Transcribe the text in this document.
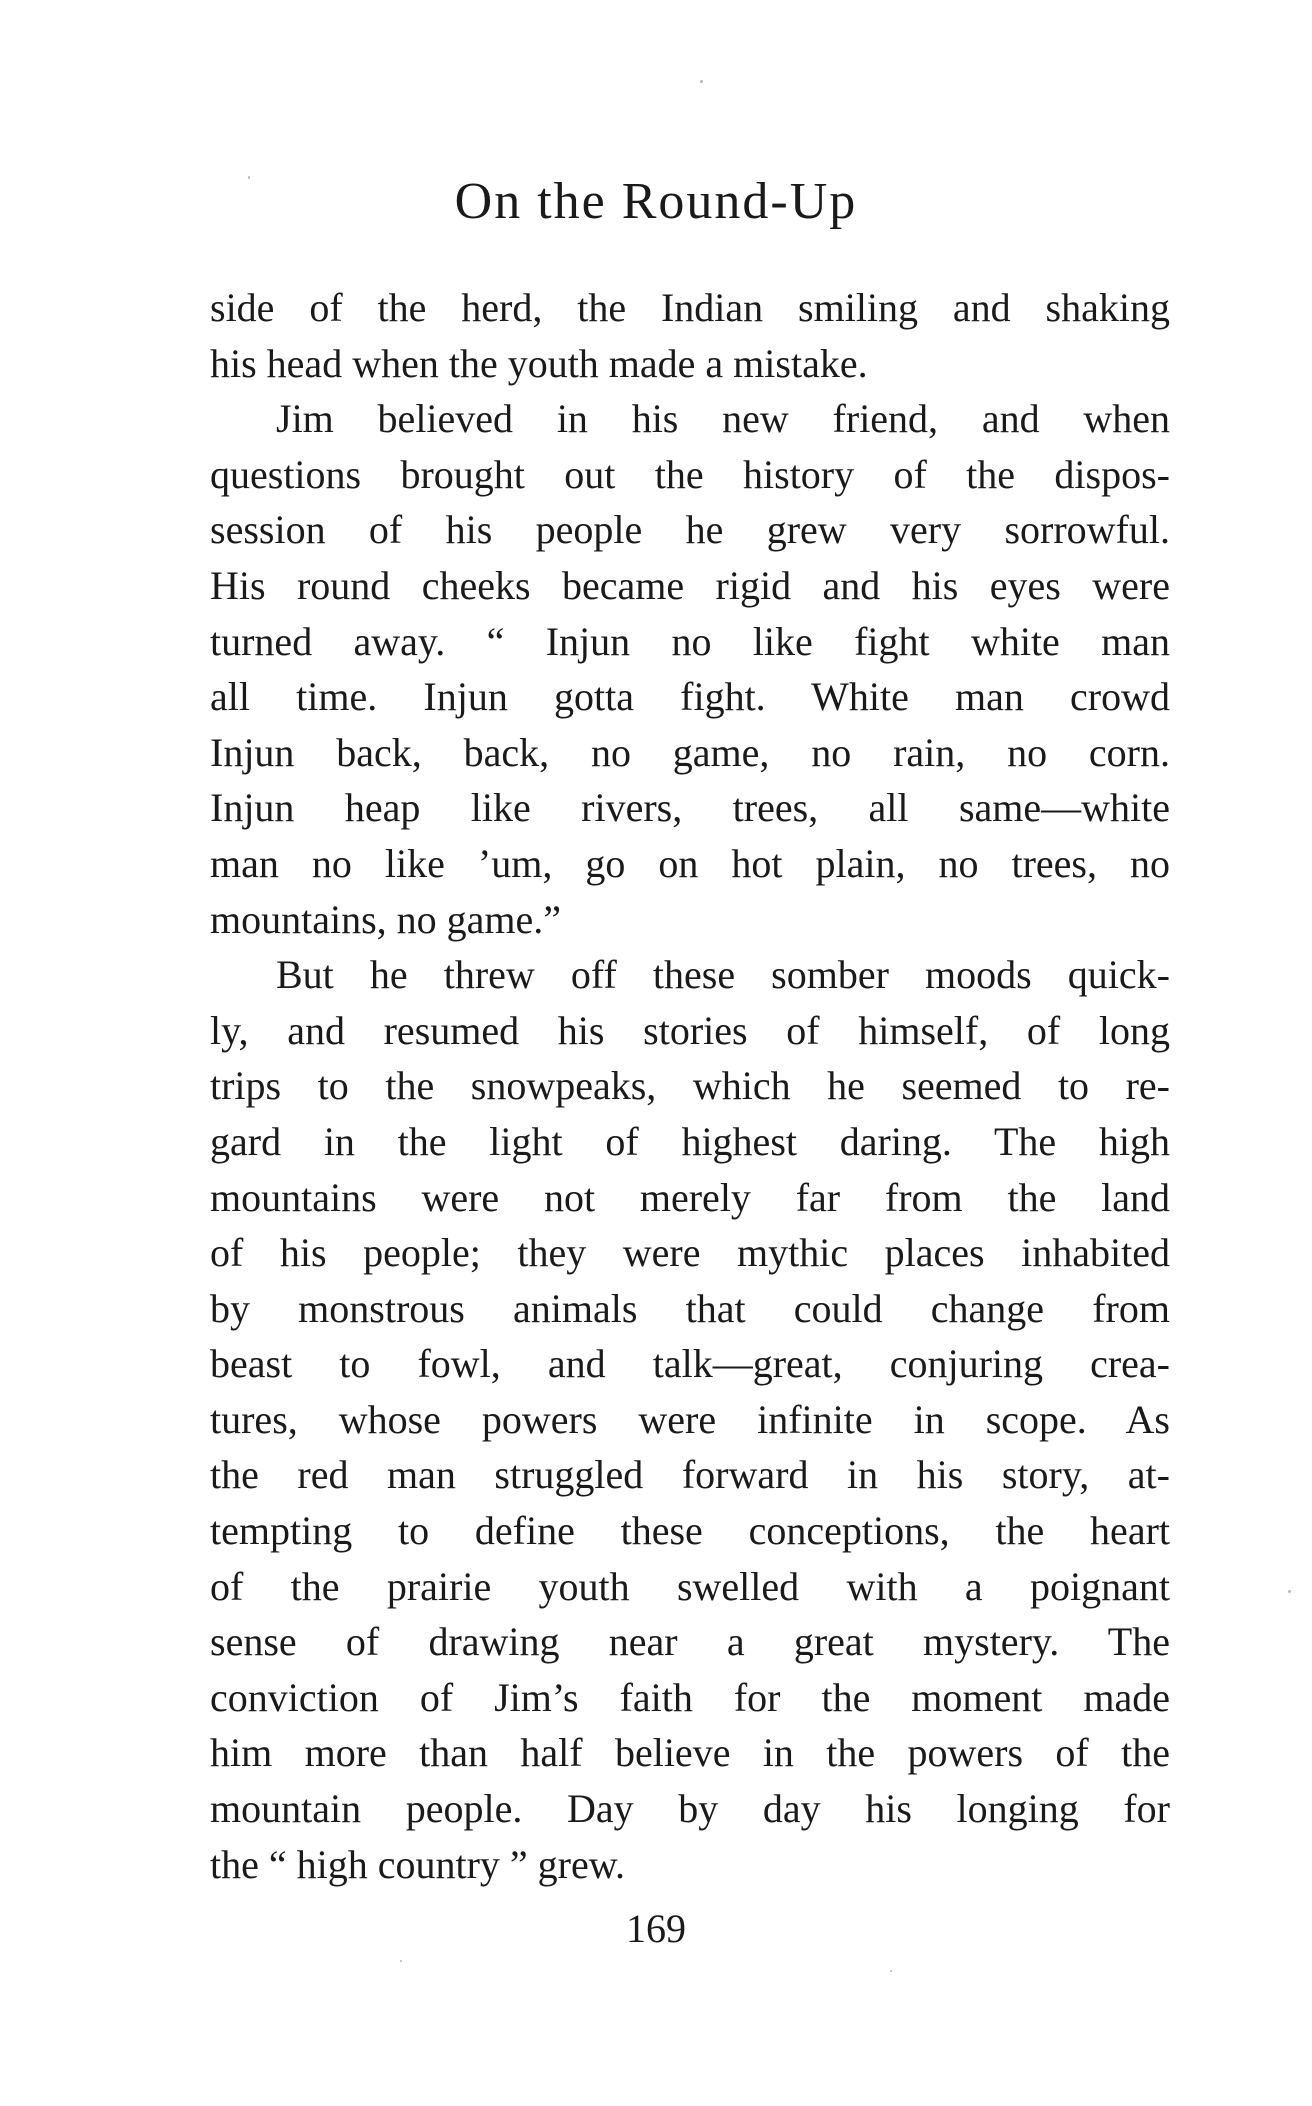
On the Round-Up
side of the herd, the Indian smiling and shaking
his head when the youth made a mistake.
Jim believed in his new friend, and when
questions brought out the history of the dispos-
session of his people he grew very sorrowful.
His round cheeks became rigid and his eyes were
turned away. “ Injun no like fight white man
all time. Injun gotta fight. White man crowd
Injun back, back, no game, no rain, no corn.
Injun heap like rivers, trees, all same—white
man no like ’um, go on hot plain, no trees, no
mountains, no game.”
But he threw off these somber moods quick-
ly, and resumed his stories of himself, of long
trips to the snowpeaks, which he seemed to re-
gard in the light of highest daring. The high
mountains were not merely far from the land
of his people; they were mythic places inhabited
by monstrous animals that could change from
beast to fowl, and talk—great, conjuring crea-
tures, whose powers were infinite in scope. As
the red man struggled forward in his story, at-
tempting to define these conceptions, the heart
of the prairie youth swelled with a poignant
sense of drawing near a great mystery. The
conviction of Jim’s faith for the moment made
him more than half believe in the powers of the
mountain people. Day by day his longing for
the “ high country ” grew.
169
